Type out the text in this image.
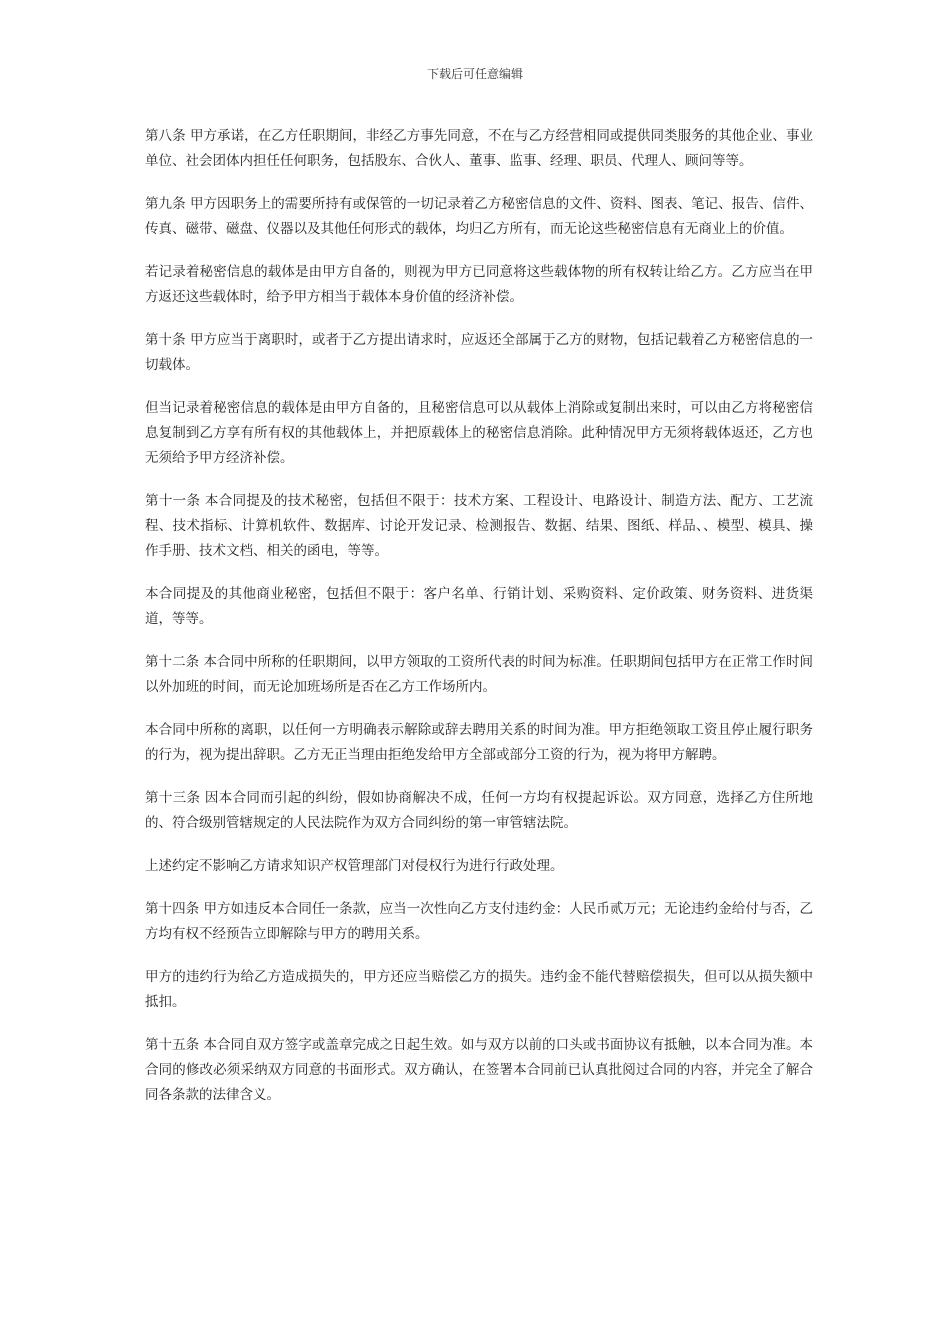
下载后可任意编辑

第八条 甲方承诺，在乙方任职期间，非经乙方事先同意，不在与乙方经营相同或提供同类服务的其他企业、事业单位、社会团体内担任任何职务，包括股东、合伙人、董事、监事、经理、职员、代理人、顾问等等。

第九条 甲方因职务上的需要所持有或保管的一切记录着乙方秘密信息的文件、资料、图表、笔记、报告、信件、传真、磁带、磁盘、仪器以及其他任何形式的载体，均归乙方所有，而无论这些秘密信息有无商业上的价值。

若记录着秘密信息的载体是由甲方自备的，则视为甲方已同意将这些载体物的所有权转让给乙方。乙方应当在甲方返还这些载体时，给予甲方相当于载体本身价值的经济补偿。

第十条 甲方应当于离职时，或者于乙方提出请求时，应返还全部属于乙方的财物，包括记载着乙方秘密信息的一切载体。

但当记录着秘密信息的载体是由甲方自备的，且秘密信息可以从载体上消除或复制出来时，可以由乙方将秘密信息复制到乙方享有所有权的其他载体上，并把原载体上的秘密信息消除。此种情况甲方无须将载体返还，乙方也无须给予甲方经济补偿。

第十一条 本合同提及的技术秘密，包括但不限于：技术方案、工程设计、电路设计、制造方法、配方、工艺流程、技术指标、计算机软件、数据库、讨论开发记录、检测报告、数据、结果、图纸、样品、、模型、模具、操作手册、技术文档、相关的函电，等等。

本合同提及的其他商业秘密，包括但不限于：客户名单、行销计划、采购资料、定价政策、财务资料、进货渠道，等等。

第十二条 本合同中所称的任职期间，以甲方领取的工资所代表的时间为标准。任职期间包括甲方在正常工作时间以外加班的时间，而无论加班场所是否在乙方工作场所内。

本合同中所称的离职，以任何一方明确表示解除或辞去聘用关系的时间为准。甲方拒绝领取工资且停止履行职务的行为，视为提出辞职。乙方无正当理由拒绝发给甲方全部或部分工资的行为，视为将甲方解聘。

第十三条 因本合同而引起的纠纷，假如协商解决不成，任何一方均有权提起诉讼。双方同意，选择乙方住所地的、符合级别管辖规定的人民法院作为双方合同纠纷的第一审管辖法院。

上述约定不影响乙方请求知识产权管理部门对侵权行为进行行政处理。

第十四条 甲方如违反本合同任一条款，应当一次性向乙方支付违约金：人民币贰万元；无论违约金给付与否，乙方均有权不经预告立即解除与甲方的聘用关系。

甲方的违约行为给乙方造成损失的，甲方还应当赔偿乙方的损失。违约金不能代替赔偿损失，但可以从损失额中抵扣。

第十五条 本合同自双方签字或盖章完成之日起生效。如与双方以前的口头或书面协议有抵触，以本合同为准。本合同的修改必须采纳双方同意的书面形式。双方确认，在签署本合同前已认真批阅过合同的内容，并完全了解合同各条款的法律含义。
